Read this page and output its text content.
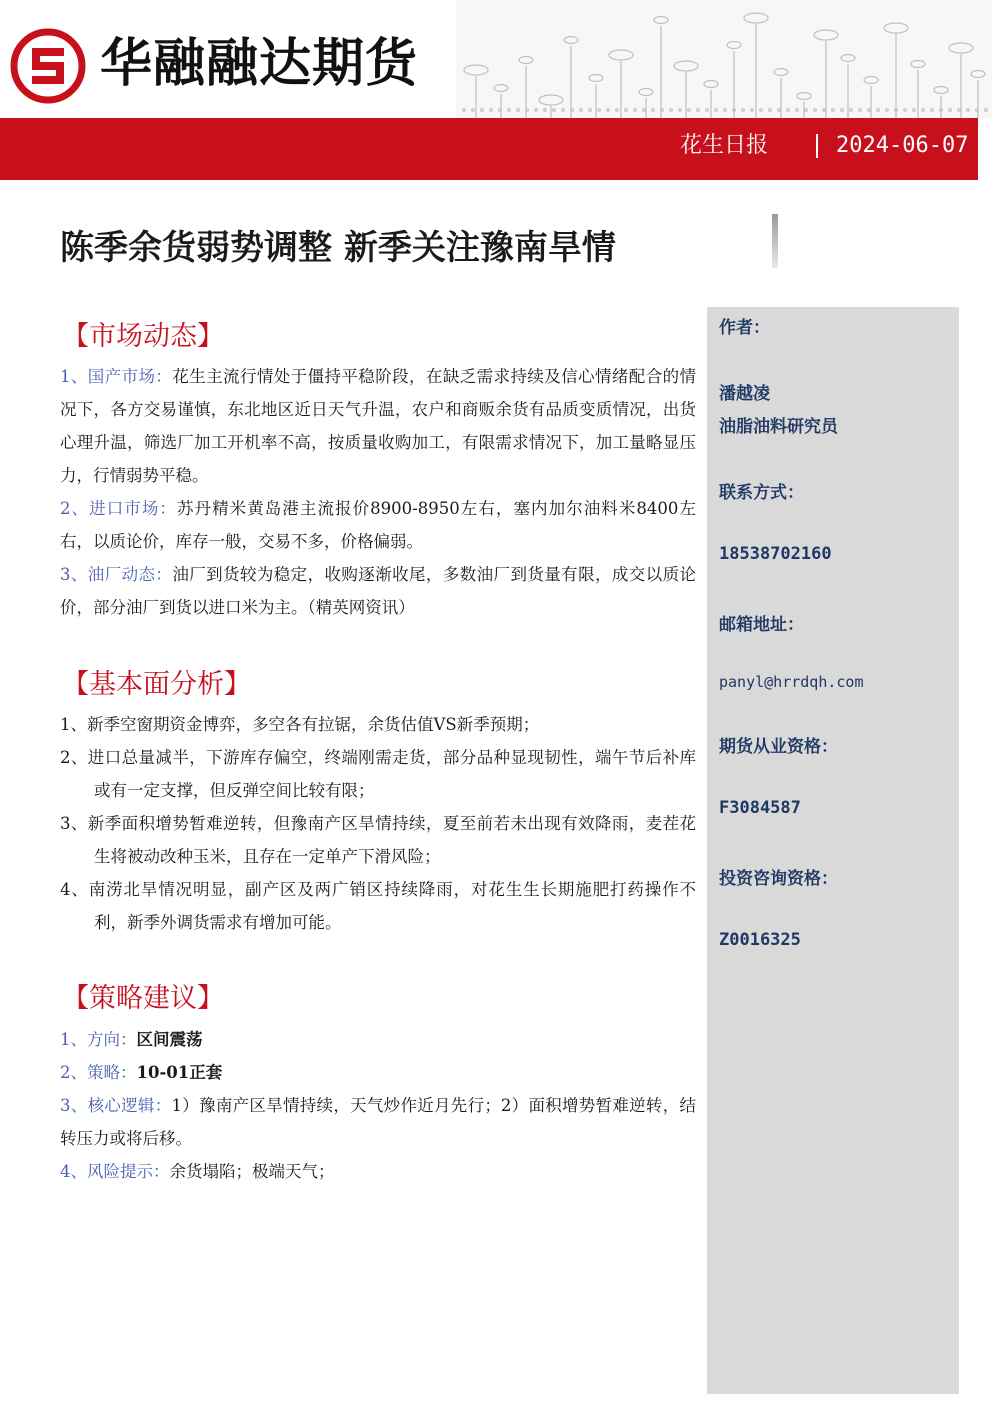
华融融达期货
花生日报	2024-06-07
陈季余货弱势调整 新季关注豫南旱情
【市场动态】
1、国产市场：花生主流行情处于僵持平稳阶段，在缺乏需求持续及信心情绪配合的情况下，各方交易谨慎，东北地区近日天气升温，农户和商贩余货有品质变质情况，出货心理升温，筛选厂加工开机率不高，按质量收购加工，有限需求情况下，加工量略显压力，行情弱势平稳。
2、进口市场：苏丹精米黄岛港主流报价8900-8950左右，塞内加尔油料米8400左右，以质论价，库存一般，交易不多，价格偏弱。
3、油厂动态：油厂到货较为稳定，收购逐渐收尾，多数油厂到货量有限，成交以质论价，部分油厂到货以进口米为主。（精英网资讯）
【基本面分析】
1、新季空窗期资金博弈，多空各有拉锯，余货估值VS新季预期；
2、进口总量减半，下游库存偏空，终端刚需走货，部分品种显现韧性，端午节后补库或有一定支撑，但反弹空间比较有限；
3、新季面积增势暂难逆转，但豫南产区旱情持续，夏至前若未出现有效降雨，麦茬花生将被动改种玉米，且存在一定单产下滑风险；
4、南涝北旱情况明显，副产区及两广销区持续降雨，对花生生长期施肥打药操作不利，新季外调货需求有增加可能。
【策略建议】
1、方向：区间震荡
2、策略：10-01正套
3、核心逻辑：1）豫南产区旱情持续，天气炒作近月先行；2）面积增势暂难逆转，结转压力或将后移。
4、风险提示：余货塌陷；极端天气；
作者：
潘越凌
油脂油料研究员
联系方式：
18538702160
邮箱地址：
panyl@hrrdqh.com
期货从业资格：
F3084587
投资咨询资格：
Z0016325
